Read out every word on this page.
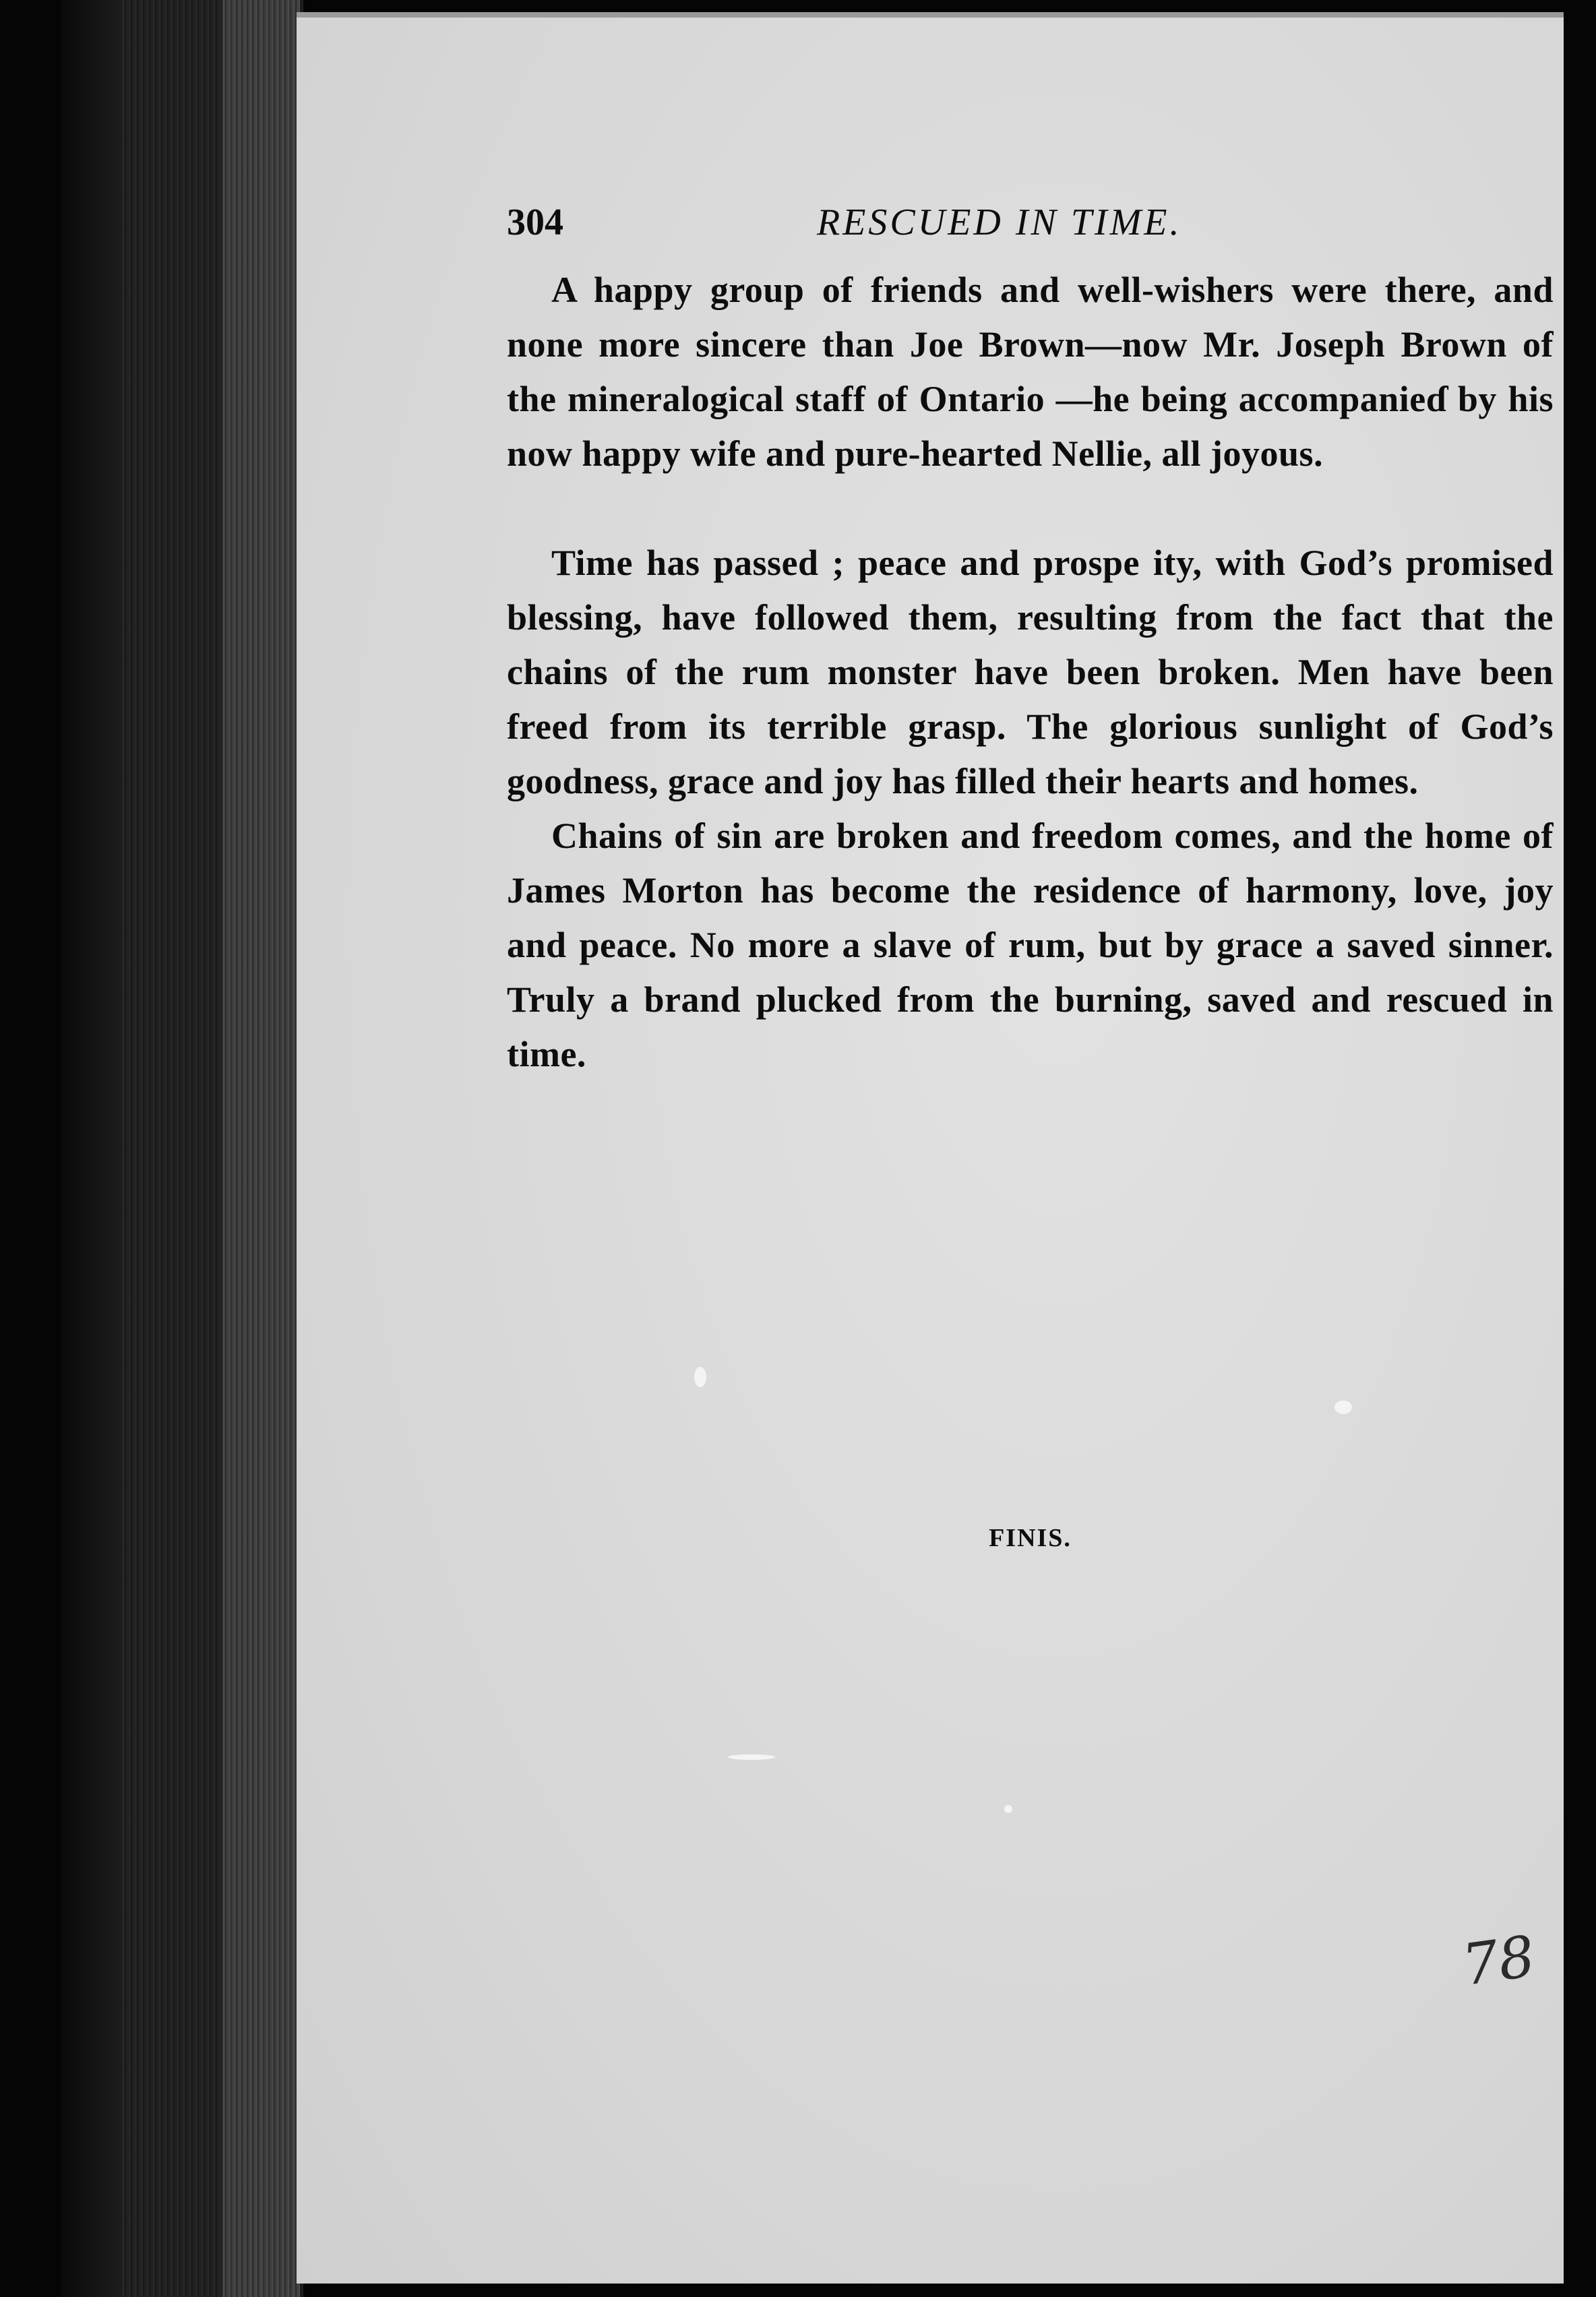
304	RESCUED IN TIME.

A happy group of friends and well-wishers were there, and none more sincere than Joe Brown—now Mr. Joseph Brown of the mineralogical staff of Ontario —he being accompanieɗ by his now happy wife and pure-hearted Nellie, all joyous.

Time has passed ; peace and prospe ity, with God’s promised blessing, have followed them, resulting from the fact that the chains of the rum monster have been broken. Men have been freed from its terrible grasp. The glorious sunlight of God’s goodness, grace and joy has filled their hearts and homes.

Chains of sin are broken and freedom comes, and the home of James Morton has become the residence of harmony, love, joy and peace. No more a slave of rum, but by grace a saved sinner. Truly a brand plucked from the burning, saved and rescued in time.

FINIS.
78
